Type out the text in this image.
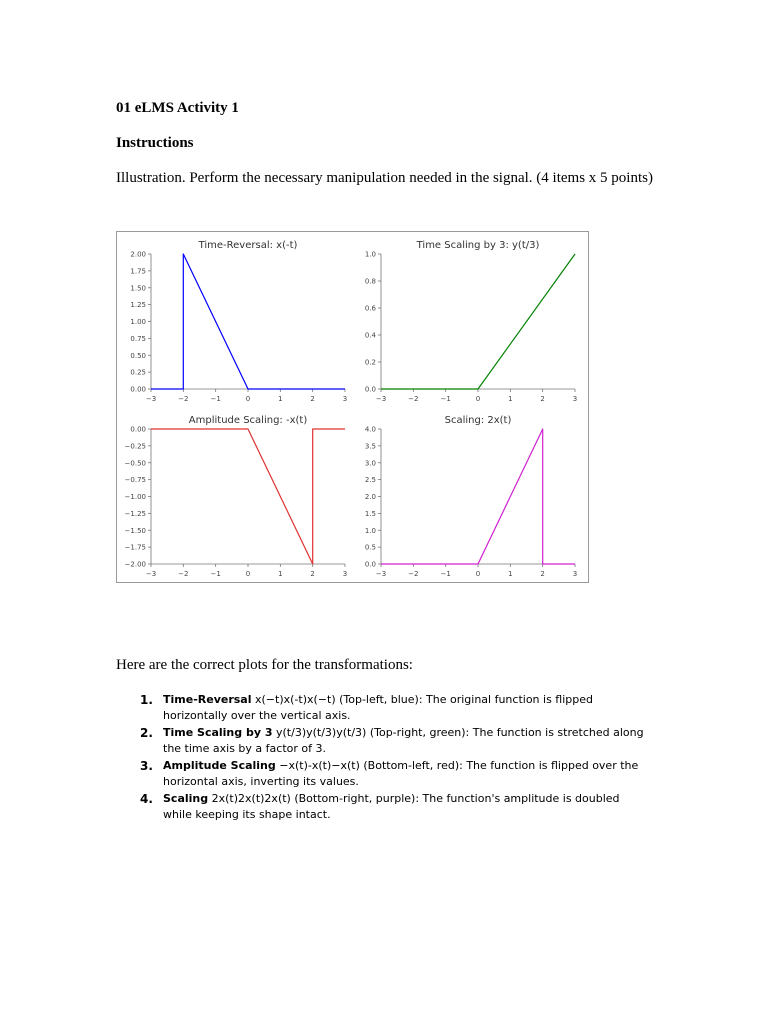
01 eLMS Activity 1
Instructions

Illustration. Perform the necessary manipulation needed in the signal. (4 items x 5 points)

Time-Reversal: x(-t)
2.00
1.75
1.50
1.25
1.00
0.75
0.50
0.25
0.00
−3	−2	−1	0	1	2	3
Time Scaling by 3: y(t/3)
1.0
0.8
0.6
0.4
0.2
0.0
−3	−2	−1	0	1	2	3
Amplitude Scaling: -x(t)
0.00
−0.25
−0.50
−0.75
−1.00
−1.25
−1.50
−1.75
−2.00
−3	−2	−1	0	1	2	3
Scaling: 2x(t)
4.0
3.5
3.0
2.5
2.0
1.5
1.0
0.5
0.0
−3	−2	−1	0	1	2	3

Here are the correct plots for the transformations:

1. Time-Reversal x(−t)x(-t)x(−t) (Top-left, blue): The original function is flipped horizontally over the vertical axis.
2. Time Scaling by 3 y(t/3)y(t/3)y(t/3) (Top-right, green): The function is stretched along the time axis by a factor of 3.
3. Amplitude Scaling −x(t)-x(t)−x(t) (Bottom-left, red): The function is flipped over the horizontal axis, inverting its values.
4. Scaling 2x(t)2x(t)2x(t) (Bottom-right, purple): The function's amplitude is doubled while keeping its shape intact.
